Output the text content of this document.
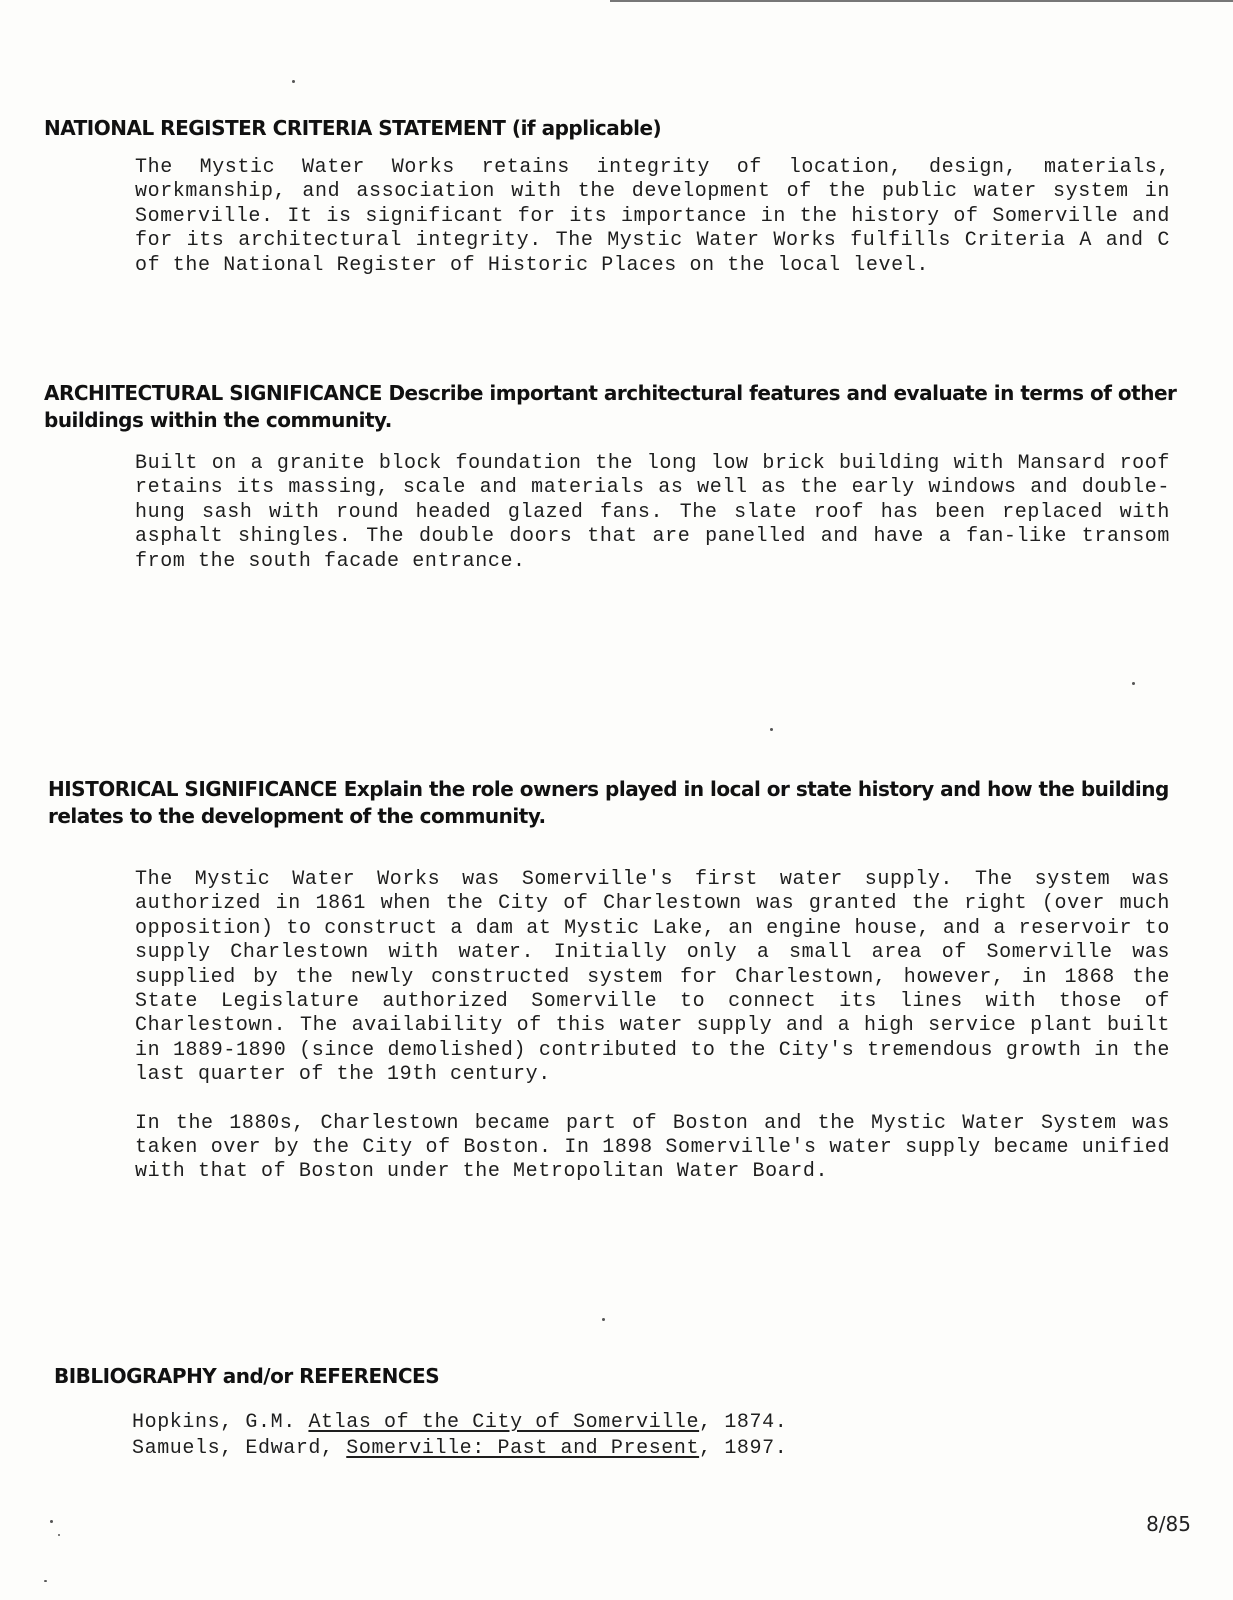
NATIONAL REGISTER CRITERIA STATEMENT (if applicable)

The Mystic Water Works retains integrity of location, design, materials, workmanship, and association with the development of the public water system in Somerville. It is significant for its importance in the history of Somerville and for its architectural integrity. The Mystic Water Works fulfills Criteria A and C of the National Register of Historic Places on the local level.

ARCHITECTURAL SIGNIFICANCE Describe important architectural features and evaluate in terms of other buildings within the community.

Built on a granite block foundation the long low brick building with Mansard roof retains its massing, scale and materials as well as the early windows and double-hung sash with round headed glazed fans. The slate roof has been replaced with asphalt shingles. The double doors that are panelled and have a fan-like transom from the south facade entrance.

HISTORICAL SIGNIFICANCE Explain the role owners played in local or state history and how the building relates to the development of the community.

The Mystic Water Works was Somerville's first water supply. The system was authorized in 1861 when the City of Charlestown was granted the right (over much opposition) to construct a dam at Mystic Lake, an engine house, and a reservoir to supply Charlestown with water. Initially only a small area of Somerville was supplied by the newly constructed system for Charlestown, however, in 1868 the State Legislature authorized Somerville to connect its lines with those of Charlestown. The availability of this water supply and a high service plant built in 1889-1890 (since demolished) contributed to the City's tremendous growth in the last quarter of the 19th century.

In the 1880s, Charlestown became part of Boston and the Mystic Water System was taken over by the City of Boston. In 1898 Somerville's water supply became unified with that of Boston under the Metropolitan Water Board.

BIBLIOGRAPHY and/or REFERENCES
Hopkins, G.M. Atlas of the City of Somerville, 1874.
Samuels, Edward, Somerville: Past and Present, 1897.
8/85
